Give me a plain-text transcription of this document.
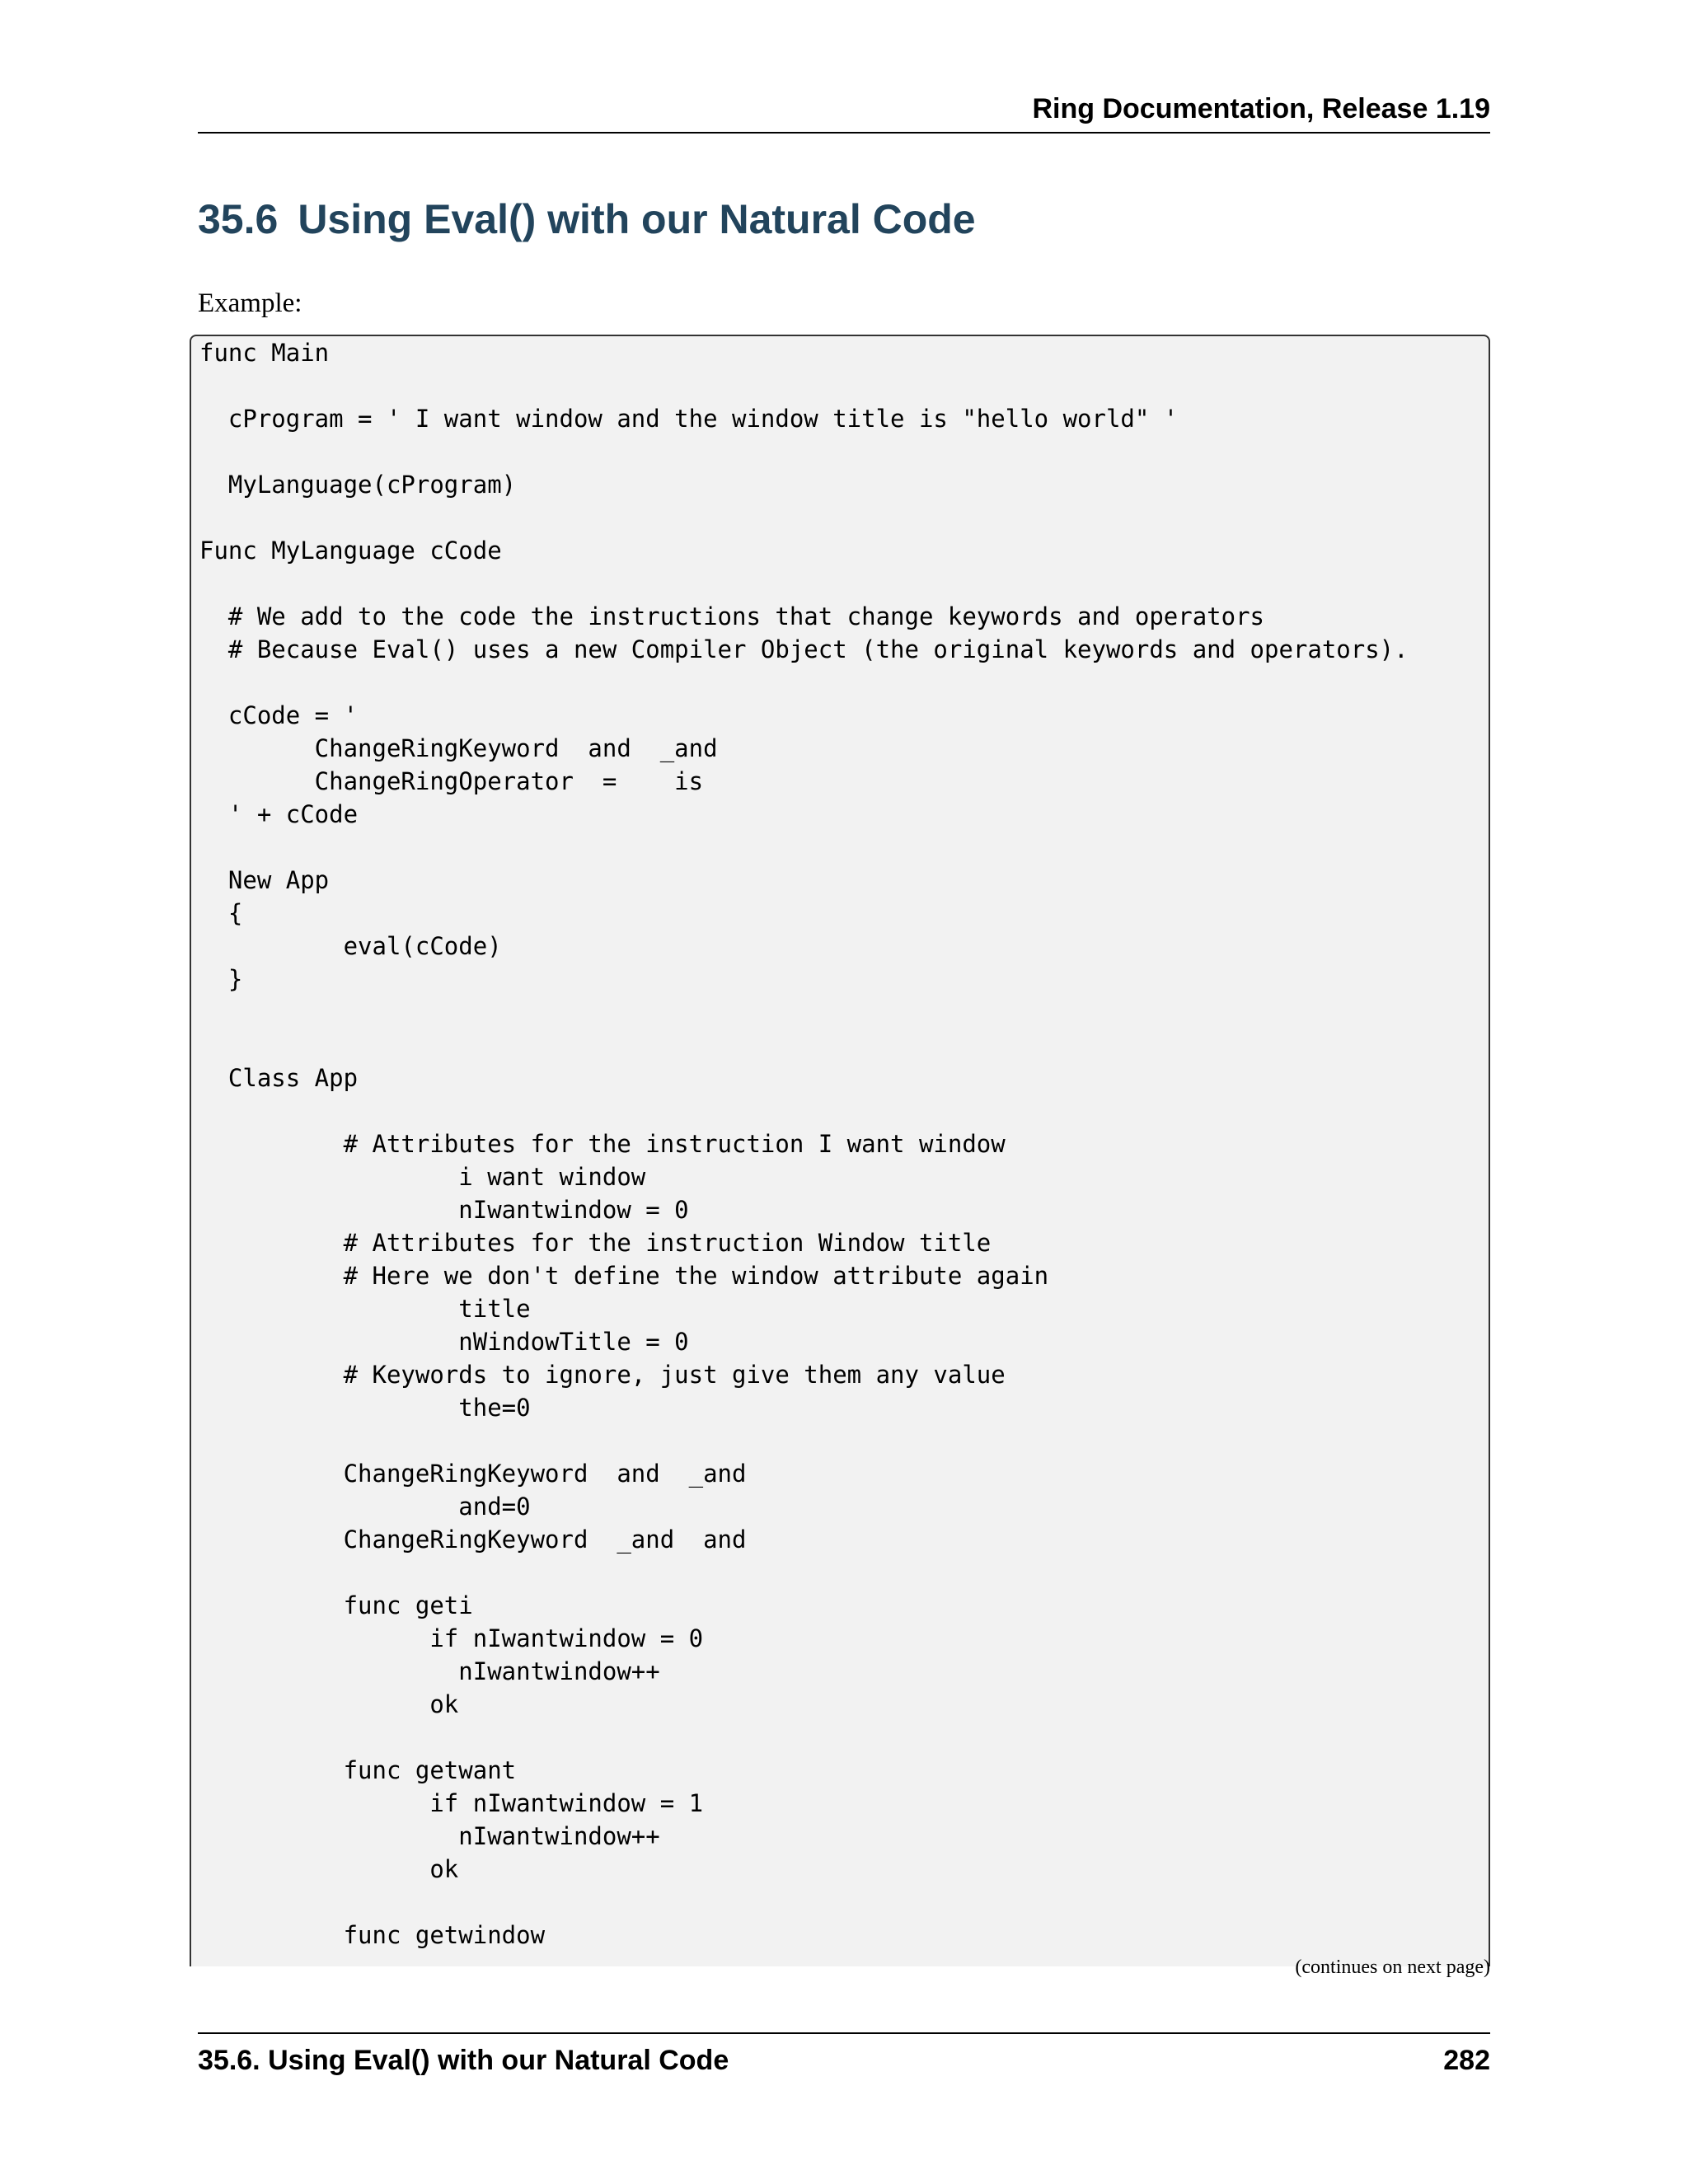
Ring Documentation, Release 1.19
35.6 Using Eval() with our Natural Code
Example:
func Main

cProgram = ' I want window and the window title is "hello world" '

MyLanguage(cProgram)

Func MyLanguage cCode

# We add to the code the instructions that change keywords and operators
# Because Eval() uses a new Compiler Object (the original keywords and operators).

cCode = '
ChangeRingKeyword  and  _and
ChangeRingOperator  =    is
' + cCode

New App
{
eval(cCode)
}

Class App

# Attributes for the instruction I want window
i want window
nIwantwindow = 0
# Attributes for the instruction Window title
# Here we don't define the window attribute again
title
nWindowTitle = 0
# Keywords to ignore, just give them any value
the=0

ChangeRingKeyword  and  _and
and=0
ChangeRingKeyword  _and  and

func geti
if nIwantwindow = 0
nIwantwindow++
ok

func getwant
if nIwantwindow = 1
nIwantwindow++
ok

func getwindow
(continues on next page)
35.6. Using Eval() with our Natural Code	282
